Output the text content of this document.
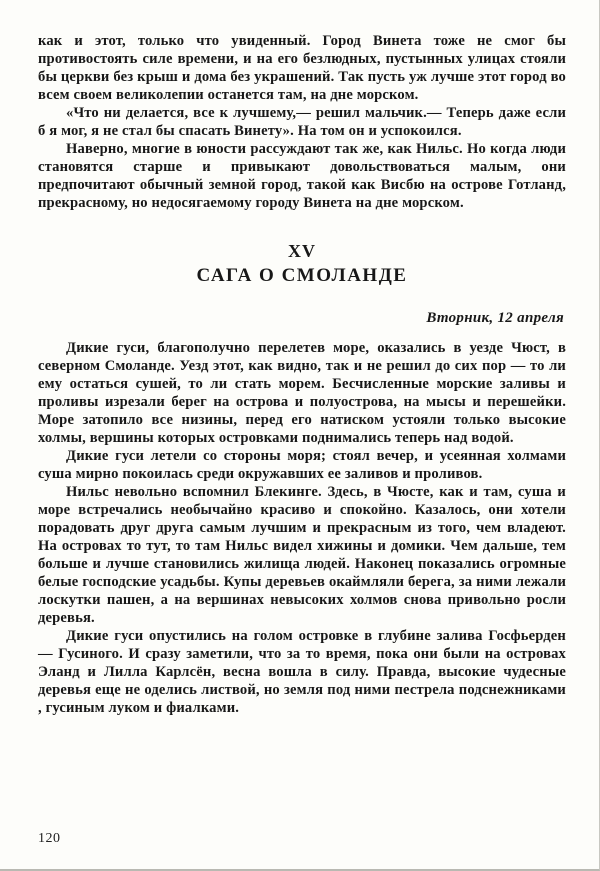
как и этот, только что увиденный. Город Винета тоже не смог бы противостоять силе времени, и на его безлюдных, пустынных улицах стояли бы церкви без крыш и дома без украшений. Так пусть уж лучше этот город во всем своем великолепии останется там, на дне морском.

«Что ни делается, все к лучшему,— решил мальчик.— Теперь даже если б я мог, я не стал бы спасать Винету». На том он и успокоился.

Наверно, многие в юности рассуждают так же, как Нильс. Но когда люди становятся старше и привыкают довольствоваться малым, они предпочитают обычный земной город, такой как Висбю на острове Готланд, прекрасному, но недосягаемому городу Винета на дне морском.

XV
САГА О СМОЛАНДЕ
Вторник, 12 апреля

Дикие гуси, благополучно перелетев море, оказались в уезде Чюст, в северном Смоланде. Уезд этот, как видно, так и не решил до сих пор — то ли ему остаться сушей, то ли стать морем. Бесчисленные морские заливы и проливы изрезали берег на острова и полуострова, на мысы и перешейки. Море затопило все низины, перед его натиском устояли только высокие холмы, вершины которых островками поднимались теперь над водой.

Дикие гуси летели со стороны моря; стоял вечер, и усеянная холмами суша мирно покоилась среди окружавших ее заливов и проливов.

Нильс невольно вспомнил Блекинге. Здесь, в Чюсте, как и там, суша и море встречались необычайно красиво и спокойно. Казалось, они хотели порадовать друг друга самым лучшим и прекрасным из того, чем владеют. На островах то тут, то там Нильс видел хижины и домики. Чем дальше, тем больше и лучше становились жилища людей. Наконец показались огромные белые господские усадьбы. Купы деревьев окаймляли берега, за ними лежали лоскутки пашен, а на вершинах невысоких холмов снова привольно росли деревья.

Дикие гуси опустились на голом островке в глубине залива Госфьерден — Гусиного. И сразу заметили, что за то время, пока они были на островах Эланд и Лилла Карлсён, весна вошла в силу. Правда, высокие чудесные деревья еще не оделись листвой, но земля под ними пестрела подснежниками , гусиным луком и фиалками.

120
